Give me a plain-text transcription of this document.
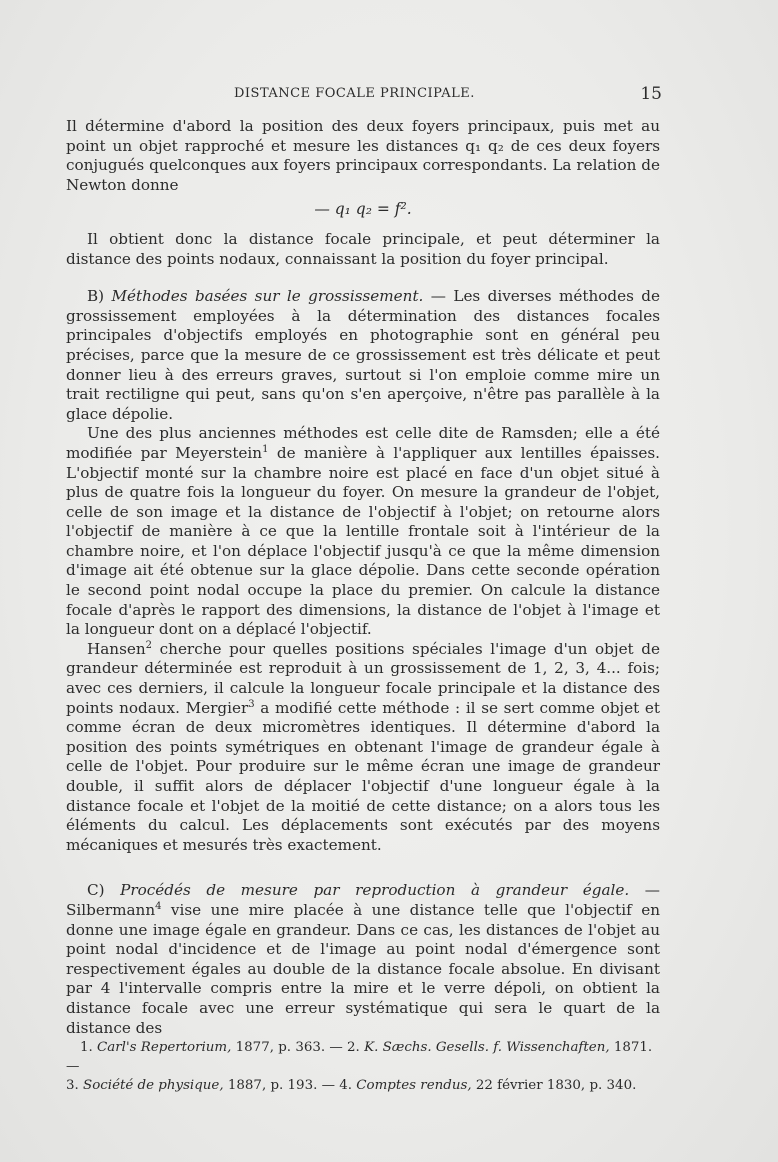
DISTANCE FOCALE PRINCIPALE.	15

Il détermine d'abord la position des deux foyers principaux, puis met au point un objet rapproché et mesure les distances q₁ q₂ de ces deux foyers conjugués quelconques aux foyers principaux correspondants. La relation de Newton donne

— q₁ q₂ = f².

Il obtient donc la distance focale principale, et peut déterminer la distance des points nodaux, connaissant la position du foyer principal.

B) Méthodes basées sur le grossissement. — Les diverses méthodes de grossissement employées à la détermination des distances focales principales d'objectifs employés en photographie sont en général peu précises, parce que la mesure de ce grossissement est très délicate et peut donner lieu à des erreurs graves, surtout si l'on emploie comme mire un trait rectiligne qui peut, sans qu'on s'en aperçoive, n'être pas parallèle à la glace dépolie.

Une des plus anciennes méthodes est celle dite de Ramsden; elle a été modifiée par Meyerstein$^1$ de manière à l'appliquer aux lentilles épaisses. L'objectif monté sur la chambre noire est placé en face d'un objet situé à plus de quatre fois la longueur du foyer. On mesure la grandeur de l'objet, celle de son image et la distance de l'objectif à l'objet; on retourne alors l'objectif de manière à ce que la lentille frontale soit à l'intérieur de la chambre noire, et l'on déplace l'objectif jusqu'à ce que la même dimension d'image ait été obtenue sur la glace dépolie. Dans cette seconde opération le second point nodal occupe la place du premier. On calcule la distance focale d'après le rapport des dimensions, la distance de l'objet à l'image et la longueur dont on a déplacé l'objectif.

Hansen$^2$ cherche pour quelles positions spéciales l'image d'un objet de grandeur déterminée est reproduit à un grossissement de 1, 2, 3, 4... fois; avec ces derniers, il calcule la longueur focale principale et la distance des points nodaux. Mergier$^3$ a modifié cette méthode : il se sert comme objet et comme écran de deux micromètres identiques. Il détermine d'abord la position des points symétriques en obtenant l'image de grandeur égale à celle de l'objet. Pour produire sur le même écran une image de grandeur double, il suffit alors de déplacer l'objectif d'une longueur égale à la distance focale et l'objet de la moitié de cette distance; on a alors tous les éléments du calcul. Les déplacements sont exécutés par des moyens mécaniques et mesurés très exactement.

C) Procédés de mesure par reproduction à grandeur égale. — Silbermann$^4$ vise une mire placée à une distance telle que l'objectif en donne une image égale en grandeur. Dans ce cas, les distances de l'objet au point nodal d'incidence et de l'image au point nodal d'émergence sont respectivement égales au double de la distance focale absolue. En divisant par 4 l'intervalle compris entre la mire et le verre dépoli, on obtient la distance focale avec une erreur systématique qui sera le quart de la distance des

1. Carl's Repertorium, 1877, p. 363. — 2. K. Sæchs. Gesells. f. Wissenchaften, 1871. —

3. Société de physique, 1887, p. 193. — 4. Comptes rendus, 22 février 1830, p. 340.
